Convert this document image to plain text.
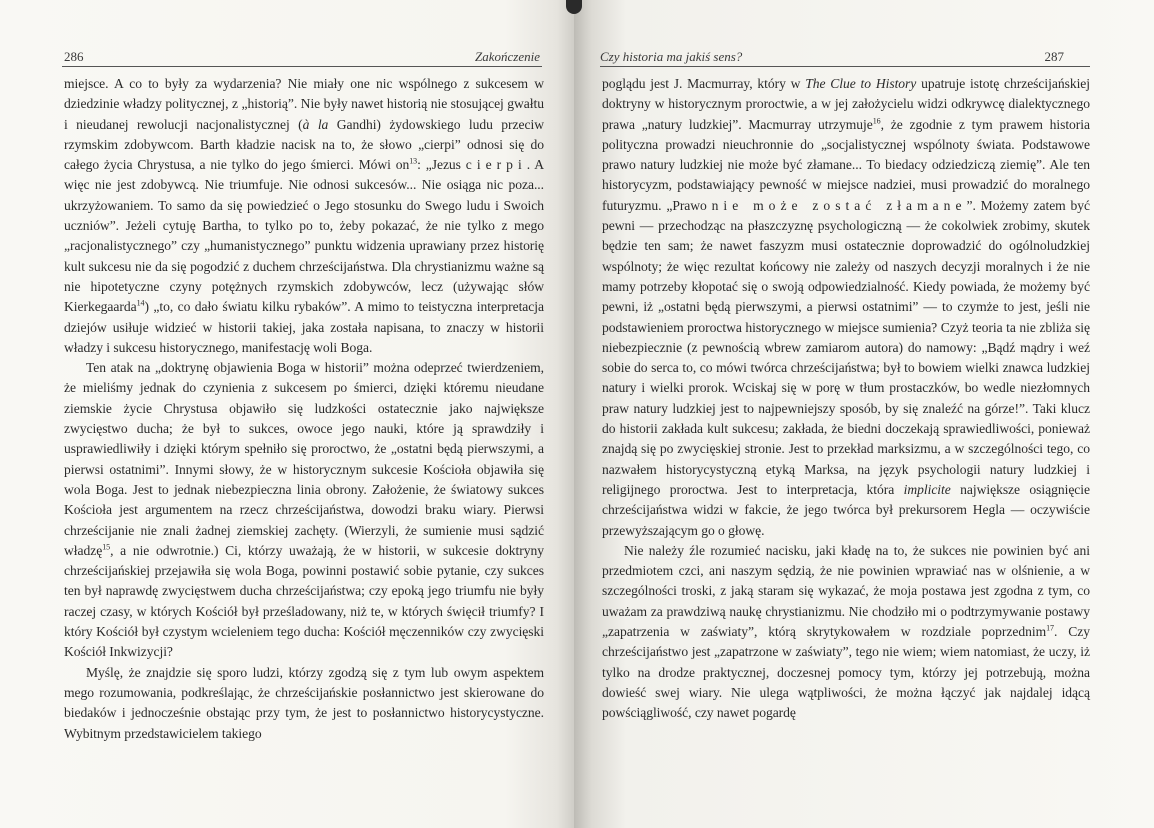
286	Zakończenie

miejsce. A co to były za wydarzenia? Nie miały one nic wspólnego z sukcesem w dziedzinie władzy politycznej, z „historią”. Nie były nawet historią nie stosującej gwałtu i nieudanej rewolucji nacjonalistycznej (à la Gandhi) żydowskiego ludu przeciw rzymskim zdobywcom. Barth kładzie nacisk na to, że słowo „cierpi” odnosi się do całego życia Chrystusa, a nie tylko do jego śmierci. Mówi on$^{13}$: „Jezus cierpi. A więc nie jest zdobywcą. Nie triumfuje. Nie odnosi sukcesów... Nie osiąga nic poza... ukrzyżowaniem. To samo da się powiedzieć o Jego stosunku do Swego ludu i Swoich uczniów”. Jeżeli cytuję Bartha, to tylko po to, żeby pokazać, że nie tylko z mego „racjonalistycznego” czy „humanistycznego” punktu widzenia uprawiany przez historię kult sukcesu nie da się pogodzić z duchem chrześcijaństwa. Dla chrystianizmu ważne są nie hipotetyczne czyny potężnych rzymskich zdobywców, lecz (używając słów Kierkegaarda$^{14}$) „to, co dało światu kilku rybaków”. A mimo to teistyczna interpretacja dziejów usiłuje widzieć w historii takiej, jaka została napisana, to znaczy w historii władzy i sukcesu historycznego, manifestację woli Boga.

Ten atak na „doktrynę objawienia Boga w historii” można odeprzeć twierdzeniem, że mieliśmy jednak do czynienia z sukcesem po śmierci, dzięki któremu nieudane ziemskie życie Chrystusa objawiło się ludzkości ostatecznie jako największe zwycięstwo ducha; że był to sukces, owoce jego nauki, które ją sprawdziły i usprawiedliwiły i dzięki którym spełniło się proroctwo, że „ostatni będą pierwszymi, a pierwsi ostatnimi”. Innymi słowy, że w historycznym sukcesie Kościoła objawiła się wola Boga. Jest to jednak niebezpieczna linia obrony. Założenie, że światowy sukces Kościoła jest argumentem na rzecz chrześcijaństwa, dowodzi braku wiary. Pierwsi chrześcijanie nie znali żadnej ziemskiej zachęty. (Wierzyli, że sumienie musi sądzić władzę$^{15}$, a nie odwrotnie.) Ci, którzy uważają, że w historii, w sukcesie doktryny chrześcijańskiej przejawiła się wola Boga, powinni postawić sobie pytanie, czy sukces ten był naprawdę zwycięstwem ducha chrześcijaństwa; czy epoką jego triumfu nie były raczej czasy, w których Kościół był prześladowany, niż te, w których święcił triumfy? I który Kościół był czystym wcieleniem tego ducha: Kościół męczenników czy zwycięski Kościół Inkwizycji?

Myślę, że znajdzie się sporo ludzi, którzy zgodzą się z tym lub owym aspektem mego rozumowania, podkreślając, że chrześcijańskie posłannictwo jest skierowane do biedaków i jednocześnie obstając przy tym, że jest to posłannictwo historycystyczne. Wybitnym przedstawicielem takiego

Czy historia ma jakiś sens?	287

poglądu jest J. Macmurray, który w The Clue to History upatruje istotę chrześcijańskiej doktryny w historycznym proroctwie, a w jej założycielu widzi odkrywcę dialektycznego prawa „natury ludzkiej”. Macmurray utrzymuje$^{16}$, że zgodnie z tym prawem historia polityczna prowadzi nieuchronnie do „socjalistycznej wspólnoty świata. Podstawowe prawo natury ludzkiej nie może być złamane... To biedacy odziedziczą ziemię”. Ale ten historycyzm, podstawiający pewność w miejsce nadziei, musi prowadzić do moralnego futuryzmu. „Prawo nie może zostać złamane”. Możemy zatem być pewni — przechodząc na płaszczyznę psychologiczną — że cokolwiek zrobimy, skutek będzie ten sam; że nawet faszyzm musi ostatecznie doprowadzić do ogólnoludzkiej wspólnoty; że więc rezultat końcowy nie zależy od naszych decyzji moralnych i że nie mamy potrzeby kłopotać się o swoją odpowiedzialność. Kiedy powiada, że możemy być pewni, iż „ostatni będą pierwszymi, a pierwsi ostatnimi” — to czymże to jest, jeśli nie podstawieniem proroctwa historycznego w miejsce sumienia? Czyż teoria ta nie zbliża się niebezpiecznie (z pewnością wbrew zamiarom autora) do namowy: „Bądź mądry i weź sobie do serca to, co mówi twórca chrześcijaństwa; był to bowiem wielki znawca ludzkiej natury i wielki prorok. Wciskaj się w porę w tłum prostaczków, bo wedle niezłomnych praw natury ludzkiej jest to najpewniejszy sposób, by się znaleźć na górze!”. Taki klucz do historii zakłada kult sukcesu; zakłada, że biedni doczekają sprawiedliwości, ponieważ znajdą się po zwycięskiej stronie. Jest to przekład marksizmu, a w szczególności tego, co nazwałem historycystyczną etyką Marksa, na język psychologii natury ludzkiej i religijnego proroctwa. Jest to interpretacja, która implicite największe osiągnięcie chrześcijaństwa widzi w fakcie, że jego twórca był prekursorem Hegla — oczywiście przewyższającym go o głowę.

Nie należy źle rozumieć nacisku, jaki kładę na to, że sukces nie powinien być ani przedmiotem czci, ani naszym sędzią, że nie powinien wprawiać nas w olśnienie, a w szczególności troski, z jaką staram się wykazać, że moja postawa jest zgodna z tym, co uważam za prawdziwą naukę chrystianizmu. Nie chodziło mi o podtrzymywanie postawy „zapatrzenia w zaświaty”, którą skrytykowałem w rozdziale poprzednim$^{17}$. Czy chrześcijaństwo jest „zapatrzone w zaświaty”, tego nie wiem; wiem natomiast, że uczy, iż tylko na drodze praktycznej, doczesnej pomocy tym, którzy jej potrzebują, można dowieść swej wiary. Nie ulega wątpliwości, że można łączyć jak najdalej idącą powściągliwość, czy nawet pogardę
